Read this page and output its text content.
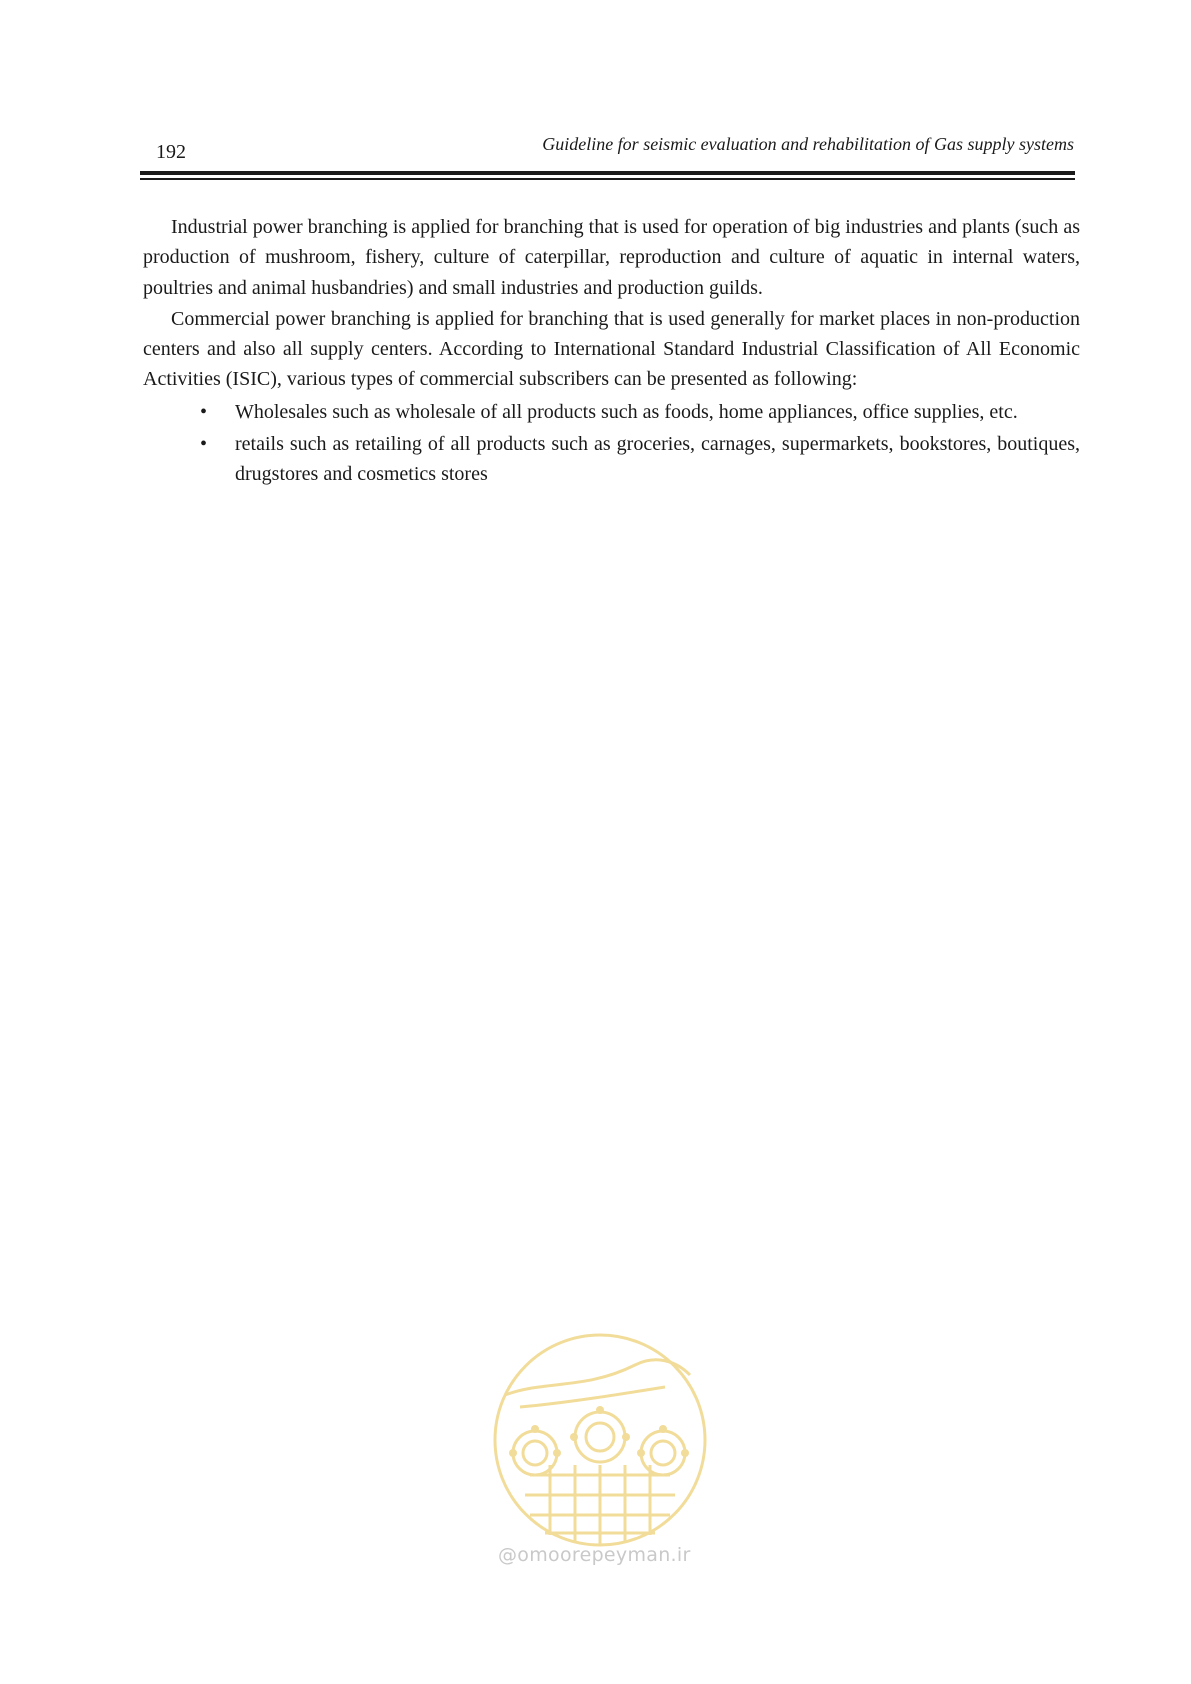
192	Guideline for seismic evaluation and rehabilitation of Gas supply systems

Industrial power branching is applied for branching that is used for operation of big industries and plants (such as production of mushroom, fishery, culture of caterpillar, reproduction and culture of aquatic in internal waters, poultries and animal husbandries) and small industries and production guilds.

Commercial power branching is applied for branching that is used generally for market places in non-production centers and also all supply centers. According to International Standard Industrial Classification of All Economic Activities (ISIC), various types of commercial subscribers can be presented as following:

• Wholesales such as wholesale of all products such as foods, home appliances, office supplies, etc.
• retails such as retailing of all products such as groceries, carnages, supermarkets, bookstores, boutiques, drugstores and cosmetics stores
@omoorepeyman.ir
